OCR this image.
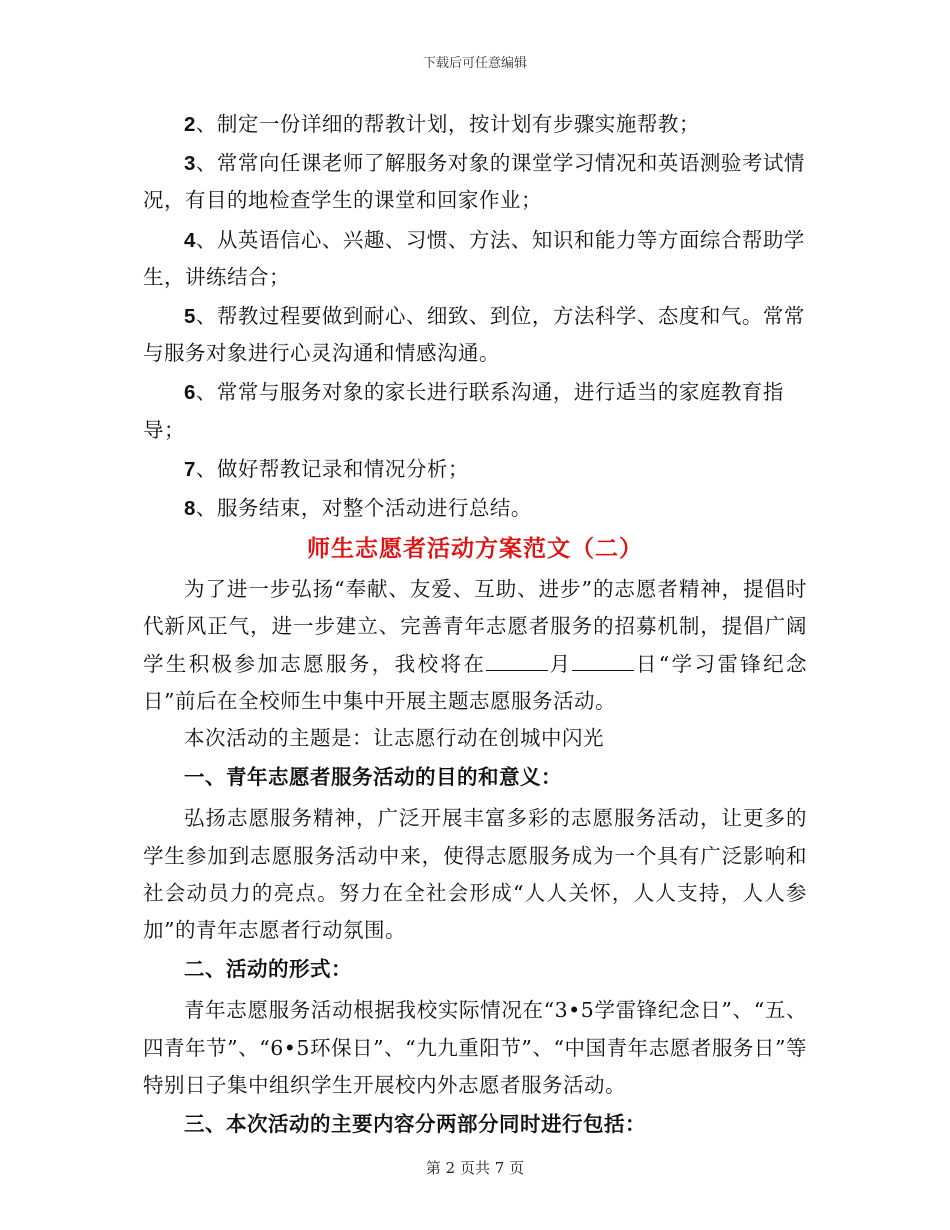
下载后可任意编辑

2、制定一份详细的帮教计划，按计划有步骤实施帮教；

3、常常向任课老师了解服务对象的课堂学习情况和英语测验考试情况，有目的地检查学生的课堂和回家作业；

4、从英语信心、兴趣、习惯、方法、知识和能力等方面综合帮助学生，讲练结合；

5、帮教过程要做到耐心、细致、到位，方法科学、态度和气。常常与服务对象进行心灵沟通和情感沟通。

6、常常与服务对象的家长进行联系沟通，进行适当的家庭教育指导；

7、做好帮教记录和情况分析；

8、服务结束，对整个活动进行总结。

师生志愿者活动方案范文（二）

为了进一步弘扬“奉献、友爱、互助、进步”的志愿者精神，提倡时代新风正气，进一步建立、完善青年志愿者服务的招募机制，提倡广阔学生积极参加志愿服务，我校将在	月	日“学习雷锋纪念日”前后在全校师生中集中开展主题志愿服务活动。

本次活动的主题是：让志愿行动在创城中闪光

一、青年志愿者服务活动的目的和意义：

弘扬志愿服务精神，广泛开展丰富多彩的志愿服务活动，让更多的学生参加到志愿服务活动中来，使得志愿服务成为一个具有广泛影响和社会动员力的亮点。努力在全社会形成“人人关怀，人人支持，人人参加”的青年志愿者行动氛围。

二、活动的形式：

青年志愿服务活动根据我校实际情况在“3•5学雷锋纪念日”、“五、四青年节”、“6•5环保日”、“九九重阳节”、“中国青年志愿者服务日”等特别日子集中组织学生开展校内外志愿者服务活动。

三、本次活动的主要内容分两部分同时进行包括：

第 2 页共 7 页
